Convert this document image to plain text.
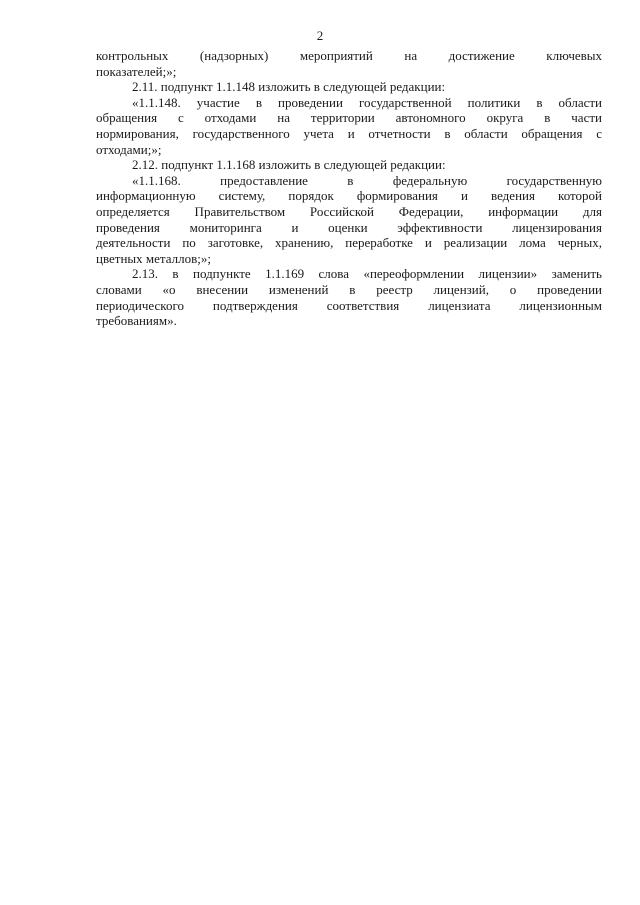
2
контрольных (надзорных) мероприятий на достижение ключевых
показателей;»;
2.11. подпункт 1.1.148 изложить в следующей редакции:
«1.1.148. участие в проведении государственной политики в области
обращения с отходами на территории автономного округа в части
нормирования, государственного учета и отчетности в области обращения с
отходами;»;
2.12. подпункт 1.1.168 изложить в следующей редакции:
«1.1.168. предоставление в федеральную государственную
информационную систему, порядок формирования и ведения которой
определяется Правительством Российской Федерации, информации для
проведения мониторинга и оценки эффективности лицензирования
деятельности по заготовке, хранению, переработке и реализации лома черных,
цветных металлов;»;
2.13. в подпункте 1.1.169 слова «переоформлении лицензии» заменить
словами «о внесении изменений в реестр лицензий, о проведении
периодического подтверждения соответствия лицензиата лицензионным
требованиям».
